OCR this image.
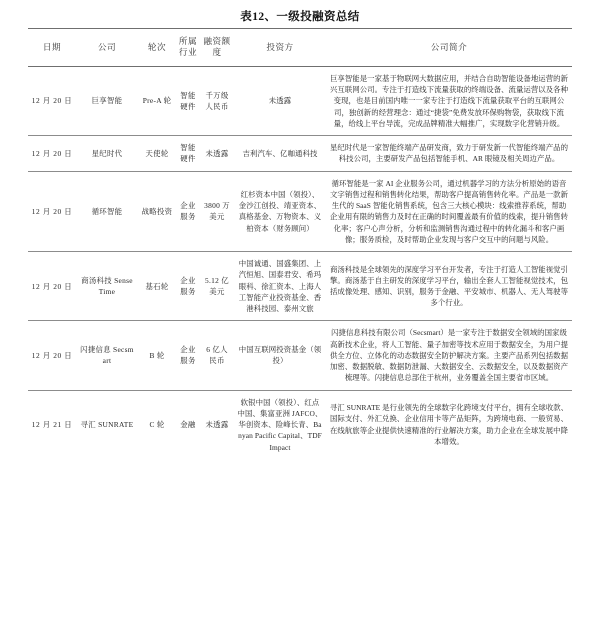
表12、一级投融资总结
日期	公司	轮次	所属行业	融资额度	投资方	公司简介
12 月 20 日	巨享智能	Pre-A 轮	智能硬件	千万级人民币	未透露	巨享智能是一家基于物联网大数据应用，并结合自助智能设备地运营的新兴互联网公司。专注于打造线下流量获取的终端设备、流量运营以及各种变现，也是目前国内唯一一家专注于打造线下流量获取平台的互联网公司，独创新的经营理念：通过“捷袋”免费发放环保购物袋，获取线下流量，给线上平台导流，完成品牌精准大幅推广，实现数字化营销升级。
12 月 20 日	星纪时代	天使轮	智能硬件	未透露	吉利汽车、亿咖通科技	星纪时代是一家智能终端产品研发商，致力于研发新一代智能终端产品的科技公司，主要研发产品包括智能手机、AR 眼镜及相关周边产品。
12 月 20 日	循环智能	战略投资	企业服务	3800 万美元	红杉资本中国（领投）、金沙江创投、靖亚资本、真格基金、万物资本、义柏资本（财务顾问）	循环智能是一家 AI 企业服务公司，通过机器学习的方法分析原始的语音文字销售过程和销售转化结果，帮助客户提高销售转化率。产品是一款新生代的 SaaS 智能化销售系统，包含三大核心模块：线索推荐系统，帮助企业用有限的销售力及时在正确的时间覆盖最有价值的线索，提升销售转化率；客户心声分析，分析和监测销售沟通过程中的转化漏斗和客户画像；服务质检，及时帮助企业发现与客户交互中的问题与风险。
12 月 20 日	商汤科技 SenseTime	基石轮	企业服务	5.12 亿美元	中国诚通、国盛集团、上汽恒旭、国泰君安、希玛眼科、徐汇资本、上海人工智能产业投资基金、香港科技园、泰州文旅	商汤科技是全球领先的深度学习平台开发者，专注于打造人工智能视觉引擎。商汤基于自主研发的深度学习平台，输出全套人工智能视觉技术，包括成像处理、感知、识别，服务于金融、平安城市、机器人、无人驾驶等多个行业。
12 月 20 日	闪捷信息 Secsmart	B 轮	企业服务	6 亿人民币	中国互联网投资基金（领投）	闪捷信息科技有限公司（Secsmart）是一家专注于数据安全领域的国家级高新技术企业，将人工智能、量子加密等技术应用于数据安全，为用户提供全方位、立体化的动态数据安全防护解决方案。主要产品系列包括数据加密、数据脱敏、数据防泄漏、大数据安全、云数据安全，以及数据资产梳理等。闪捷信息总部住于杭州，业务覆盖全国主要省市区域。
12 月 21 日	寻汇 SUNRATE	C 轮	金融	未透露	软银中国（领投）、红点中国、集富亚洲 JAFCO、华创资本、险峰长青、Banyan Pacific Capital、TDF Impact	寻汇 SUNRATE 是行业领先的全球数字化跨境支付平台，拥有全球收款、国际支付、外汇兑换、企业信用卡等产品矩阵，为跨境电商、一般贸易、在线航旅等企业提供快速精准的行业解决方案，助力企业在全球发展中降本增效。
